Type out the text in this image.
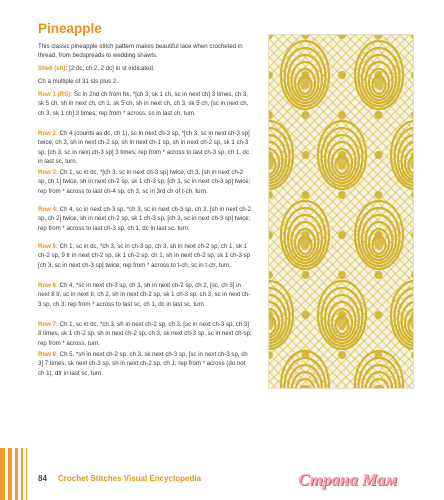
Pineapple

This classic pineapple stitch pattern makes beautiful lace when crocheted in thread, from bedspreads to wedding shawls.

Shell (sh): [2 dc, ch 2, 2 dc] in st indicated.

Ch a multiple of 31 sts plus 2.

Row 1 (RS): Sc in 2nd ch from hk, *[ch 3, sk 1 ch, sc in next ch] 3 times, ch 3, sk 5 ch, sh in next ch, ch 1, sk 5 ch, sh in next ch, ch 3, sk 5 ch, [sc in next ch, ch 3, sk 1 ch] 3 times; rep from * across, sc in last ch, turn.

Row 2: Ch 4 (counts as dc, ch 1), sc in next ch-3 sp, *[ch 3, sc in next ch-3 sp] twice, ch 3, sh in next ch-2 sp, sh in next ch-1 sp, sh in next ch-2 sp, sk 1 ch-3 sp, [ch 3, sc in next ch-3 sp] 3 times; rep from * across to last ch-3 sp, ch 1, dc in last sc, turn.

Row 3: Ch 1, sc in dc, *[ch 3, sc in next ch-3 sp] twice, ch 3, [sh in next ch-2 sp, ch 1] twice, sh in next ch-2 sp, sk 1 ch-3 sp, [ch 3, sc in next ch-3 sp] twice; rep from * across to last ch-4 sp, ch 3, sc in 3rd ch of t-ch, turn.

Row 4: Ch 4, sc in next ch-3 sp, *ch 3, sc in next ch-3 sp, ch 3, [sh in next ch-2 sp, ch 2] twice, sh in next ch-2 sp, sk 1 ch-3 sp, [ch 3, sc in next ch-3 sp] twice; rep from * across to last ch-3 sp, ch 1, dc in last sc, turn.

Row 5: Ch 1, sc in dc, *ch 3, sc in ch-3 sp, ch 3, sh in next ch-2 sp, ch 1, sk 1 ch-2 sp, 9 tr in next ch-2 sp, sk 1 ch-2 sp, ch 1, sh in next ch-2 sp, sk 1 ch-3 sp [ch 3, sc in next ch-3 sp] twice; rep from * across to t-ch, sc in t-ch, turn.

Row 6: Ch 4, *sc in next ch-3 sp, ch 3, sh in next ch-2 sp, ch 2, [sc, ch 3] in next 8 tr, sc in next tr, ch 2, sh in next ch-2 sp, sk 1 ch-3 sp, ch 3, sc in next ch-3 sp, ch 3; rep from * across to last sc, ch 1, dc in last sc, turn.

Row 7: Ch 1, sc in dc, *ch 3, sh in next ch-2 sp, ch 3, [sc in next ch-3 sp, ch 3] 8 times, sk 1 ch-2 sp, sh in next ch-2 sp, ch 3, sk next ch-3 sp, sc in next ch-sp; rep from * across, turn.

Row 8: Ch 5, *sh in next ch-2 sp, ch 3, sk next ch-3 sp, [sc in next ch-3 sp, ch 3] 7 times, sk next ch-3 sp, sh in next ch-2 sp, ch 1; rep from * across (do not ch 1), dtr in last sc, turn.

84 Crochet Stitches Visual Encyclopedia	Страна Мам
